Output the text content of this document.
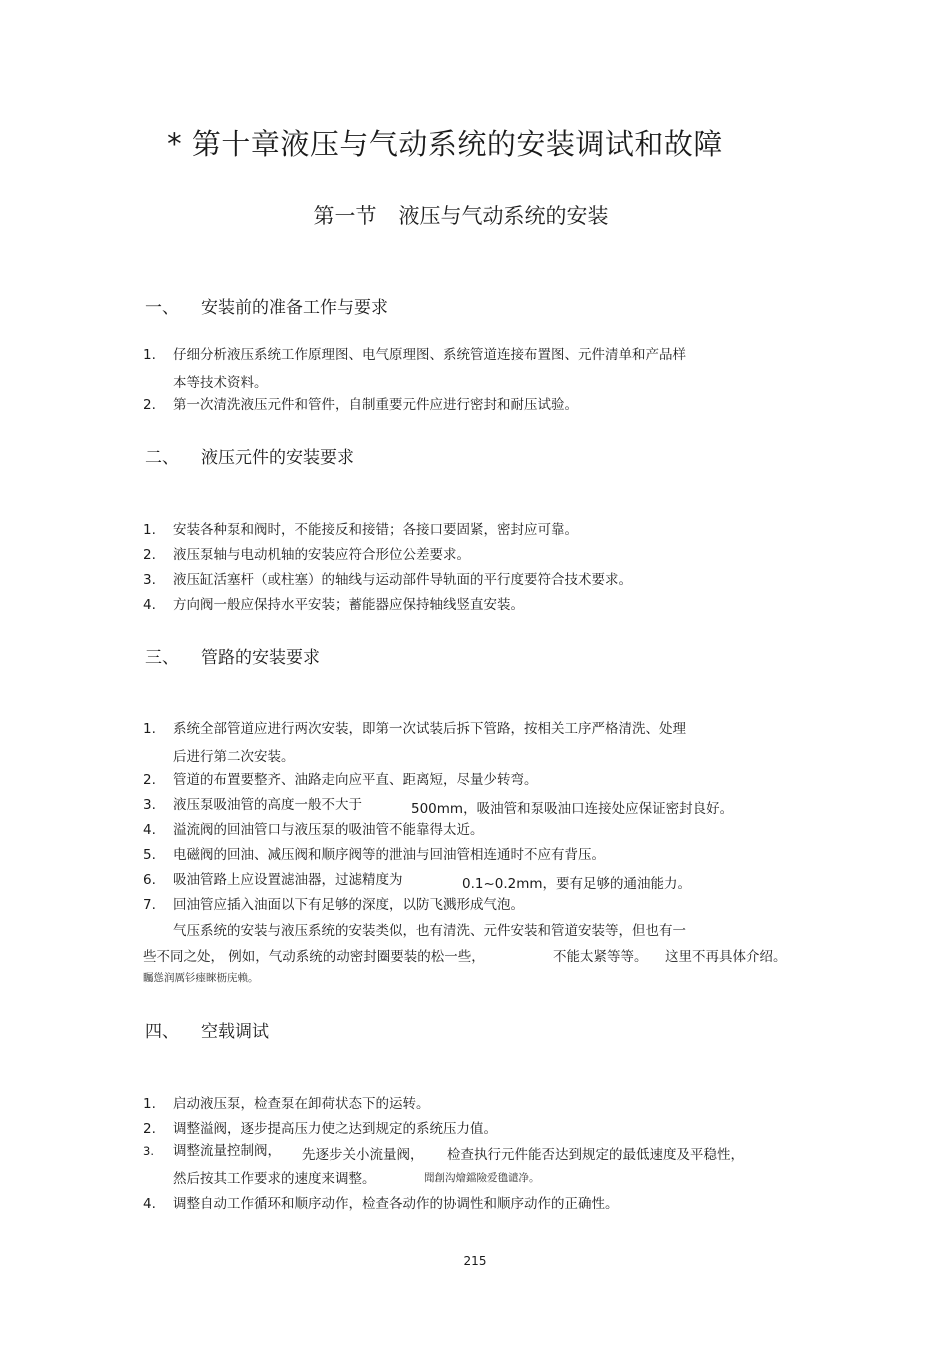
* 第十章液压与气动系统的安装调试和故障
第一节 液压与气动系统的安装
一、 安装前的准备工作与要求
1. 仔细分析液压系统工作原理图、电气原理图、系统管道连接布置图、元件清单和产品样
本等技术资料。
2. 第一次清洗液压元件和管件，自制重要元件应进行密封和耐压试验。
二、 液压元件的安装要求
1. 安装各种泵和阀时，不能接反和接错；各接口要固紧，密封应可靠。
2. 液压泵轴与电动机轴的安装应符合形位公差要求。
3. 液压缸活塞杆（或柱塞）的轴线与运动部件导轨面的平行度要符合技术要求。
4. 方向阀一般应保持水平安装；蓄能器应保持轴线竖直安装。
三、 管路的安装要求
1. 系统全部管道应进行两次安装，即第一次试装后拆下管路，按相关工序严格清洗、处理
后进行第二次安装。
2. 管道的布置要整齐、油路走向应平直、距离短，尽量少转弯。
3. 液压泵吸油管的高度一般不大于	500mm，吸油管和泵吸油口连接处应保证密封良好。
4. 溢流阀的回油管口与液压泵的吸油管不能靠得太近。
5. 电磁阀的回油、减压阀和顺序阀等的泄油与回油管相连通时不应有背压。
6. 吸油管路上应设置滤油器，过滤精度为	0.1~0.2mm，要有足够的通油能力。
7. 回油管应插入油面以下有足够的深度，以防飞溅形成气泡。
气压系统的安装与液压系统的安装类似，也有清洗、元件安装和管道安装等，但也有一
些不同之处， 例如，气动系统的动密封圈要装的松一些，	不能太紧等等。 这里不再具体介绍。
矚慫润厲钐瘗睞枥庑赖。
四、 空载调试
1. 启动液压泵，检查泵在卸荷状态下的运转。
2. 调整溢阀，逐步提高压力使之达到规定的系统压力值。
3. 调整流量控制阀， 先逐步关小流量阀， 检查执行元件能否达到规定的最低速度及平稳性，
然后按其工作要求的速度来调整。	聞創沟燴鐺險爱氇谴净。
4. 调整自动工作循环和顺序动作，检查各动作的协调性和顺序动作的正确性。
215
